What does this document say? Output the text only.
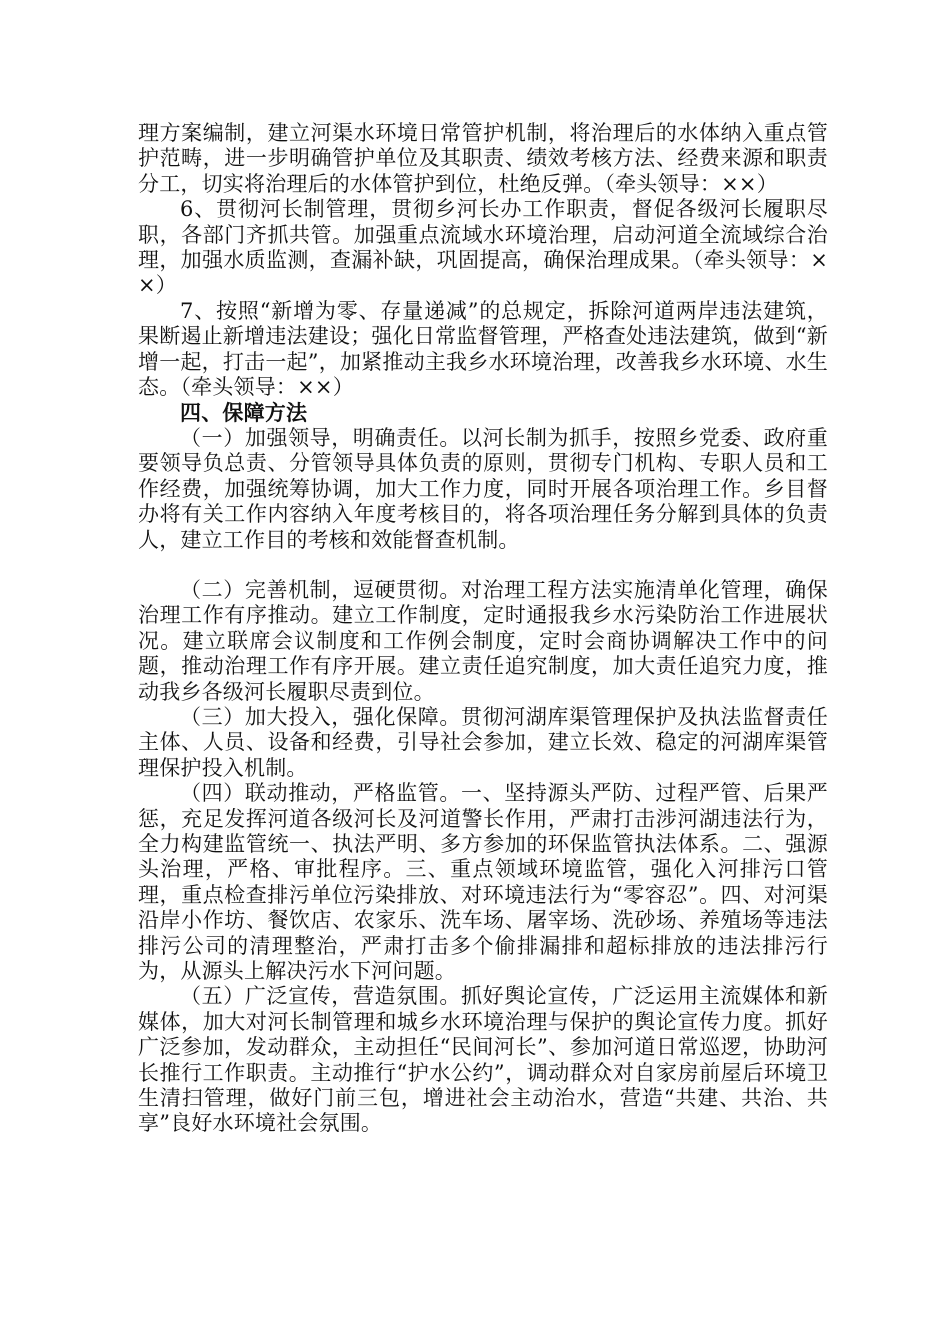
理方案编制，建立河渠水环境日常管护机制，将治理后的水体纳入重点管护范畴，进一步明确管护单位及其职责、绩效考核方法、经费来源和职责分工，切实将治理后的水体管护到位，杜绝反弹。（牵头领导：××）

6、贯彻河长制管理，贯彻乡河长办工作职责，督促各级河长履职尽职，各部门齐抓共管。加强重点流域水环境治理，启动河道全流域综合治理，加强水质监测，查漏补缺，巩固提高，确保治理成果。（牵头领导：××）

7、按照“新增为零、存量递减”的总规定，拆除河道两岸违法建筑，果断遏止新增违法建设；强化日常监督管理，严格查处违法建筑，做到“新增一起，打击一起”，加紧推动主我乡水环境治理，改善我乡水环境、水生态。（牵头领导：××）

四、保障方法

（一）加强领导，明确责任。以河长制为抓手，按照乡党委、政府重要领导负总责、分管领导具体负责的原则，贯彻专门机构、专职人员和工作经费，加强统筹协调，加大工作力度，同时开展各项治理工作。乡目督办将有关工作内容纳入年度考核目的，将各项治理任务分解到具体的负责人，建立工作目的考核和效能督查机制。

（二）完善机制，逗硬贯彻。对治理工程方法实施清单化管理，确保治理工作有序推动。建立工作制度，定时通报我乡水污染防治工作进展状况。建立联席会议制度和工作例会制度，定时会商协调解决工作中的问题，推动治理工作有序开展。建立责任追究制度，加大责任追究力度，推动我乡各级河长履职尽责到位。

（三）加大投入，强化保障。贯彻河湖库渠管理保护及执法监督责任主体、人员、设备和经费，引导社会参加，建立长效、稳定的河湖库渠管理保护投入机制。

（四）联动推动，严格监管。一、坚持源头严防、过程严管、后果严惩，充足发挥河道各级河长及河道警长作用，严肃打击涉河湖违法行为，全力构建监管统一、执法严明、多方参加的环保监管执法体系。二、强源头治理，严格、审批程序。三、重点领域环境监管，强化入河排污口管理，重点检查排污单位污染排放、对环境违法行为“零容忍”。四、对河渠沿岸小作坊、餐饮店、农家乐、洗车场、屠宰场、洗砂场、养殖场等违法排污公司的清理整治，严肃打击多个偷排漏排和超标排放的违法排污行为，从源头上解决污水下河问题。

（五）广泛宣传，营造氛围。抓好舆论宣传，广泛运用主流媒体和新媒体，加大对河长制管理和城乡水环境治理与保护的舆论宣传力度。抓好广泛参加，发动群众，主动担任“民间河长”、参加河道日常巡逻，协助河长推行工作职责。主动推行“护水公约”，调动群众对自家房前屋后环境卫生清扫管理，做好门前三包，增进社会主动治水，营造“共建、共治、共享”良好水环境社会氛围。
